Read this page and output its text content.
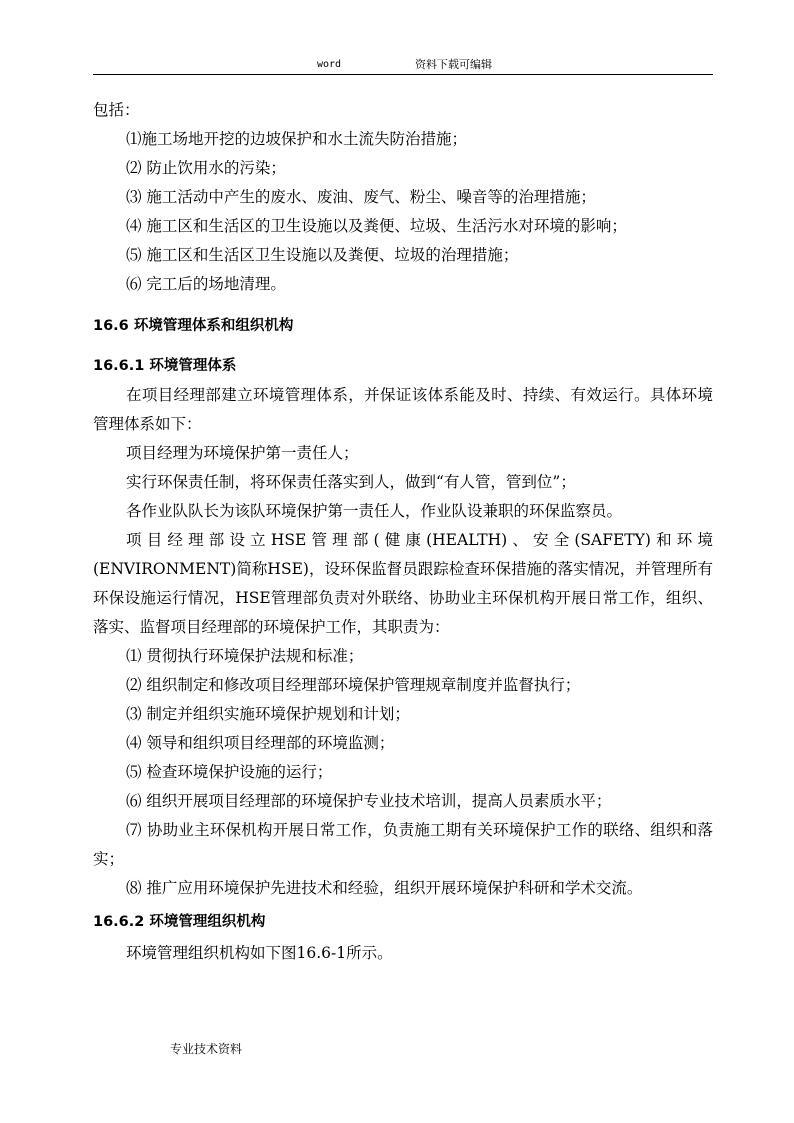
word	资料下载可编辑

包括：

⑴施工场地开挖的边坡保护和水土流失防治措施；

⑵ 防止饮用水的污染；

⑶ 施工活动中产生的废水、废油、废气、粉尘、噪音等的治理措施；

⑷ 施工区和生活区的卫生设施以及粪便、垃圾、生活污水对环境的影响；

⑸ 施工区和生活区卫生设施以及粪便、垃圾的治理措施；

⑹ 完工后的场地清理。

16.6 环境管理体系和组织机构

16.6.1 环境管理体系

在项目经理部建立环境管理体系，并保证该体系能及时、持续、有效运行。具体环境管理体系如下：

项目经理为环境保护第一责任人；

实行环保责任制，将环保责任落实到人，做到“有人管，管到位”；

各作业队队长为该队环境保护第一责任人，作业队设兼职的环保监察员。

项目经理部设立HSE管理部(健康(HEALTH)、安全(SAFETY)和环境(ENVIRONMENT)简称HSE)，设环保监督员跟踪检查环保措施的落实情况，并管理所有环保设施运行情况，HSE管理部负责对外联络、协助业主环保机构开展日常工作，组织、落实、监督项目经理部的环境保护工作，其职责为：

⑴ 贯彻执行环境保护法规和标准；

⑵ 组织制定和修改项目经理部环境保护管理规章制度并监督执行；

⑶ 制定并组织实施环境保护规划和计划；

⑷ 领导和组织项目经理部的环境监测；

⑸ 检查环境保护设施的运行；

⑹ 组织开展项目经理部的环境保护专业技术培训，提高人员素质水平；

⑺ 协助业主环保机构开展日常工作，负责施工期有关环境保护工作的联络、组织和落实；

⑻ 推广应用环境保护先进技术和经验，组织开展环境保护科研和学术交流。

16.6.2 环境管理组织机构

环境管理组织机构如下图16.6-1所示。

专业技术资料
